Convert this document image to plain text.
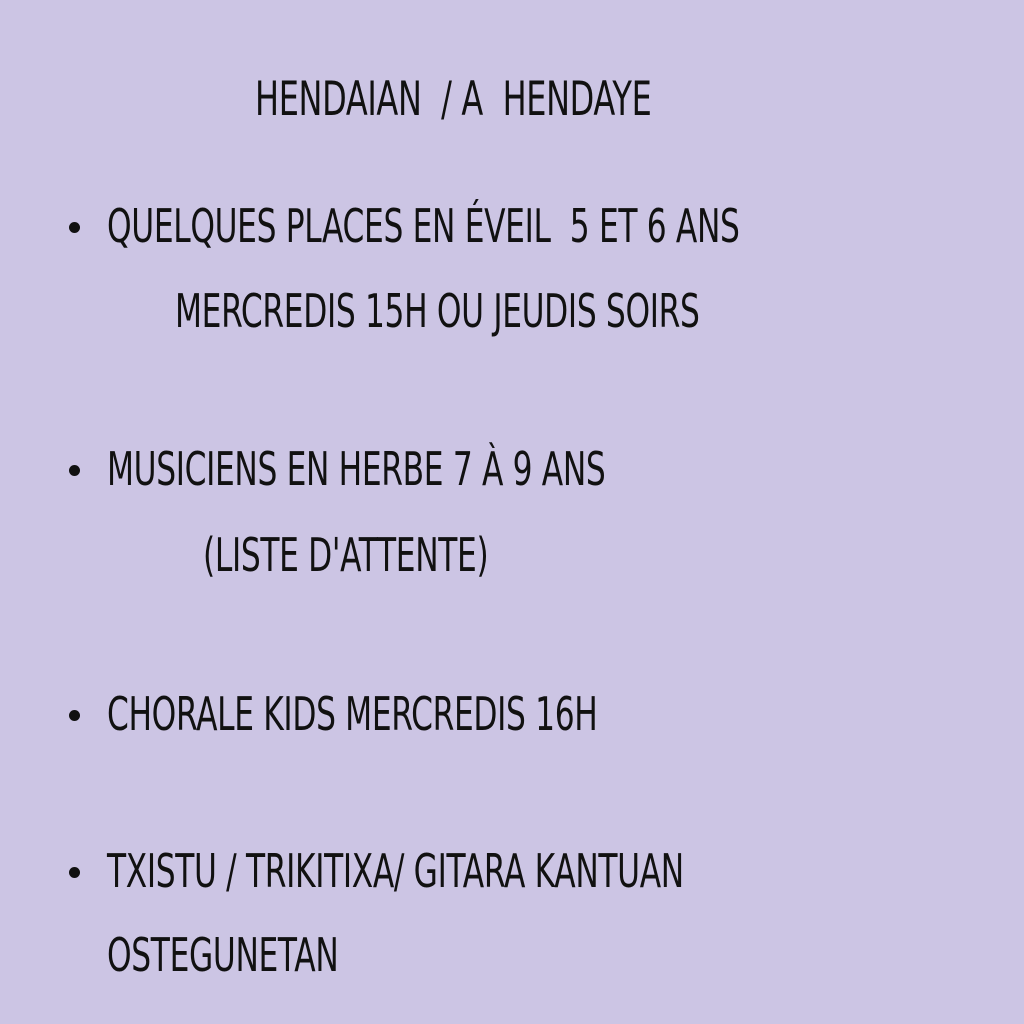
HENDAIAN  / A  HENDAYE
QUELQUES PLACES EN ÉVEIL  5 ET 6 ANS
MERCREDIS 15H OU JEUDIS SOIRS
MUSICIENS EN HERBE 7 À 9 ANS
(LISTE D'ATTENTE)
CHORALE KIDS MERCREDIS 16H
TXISTU / TRIKITIXA/ GITARA KANTUAN
OSTEGUNETAN
